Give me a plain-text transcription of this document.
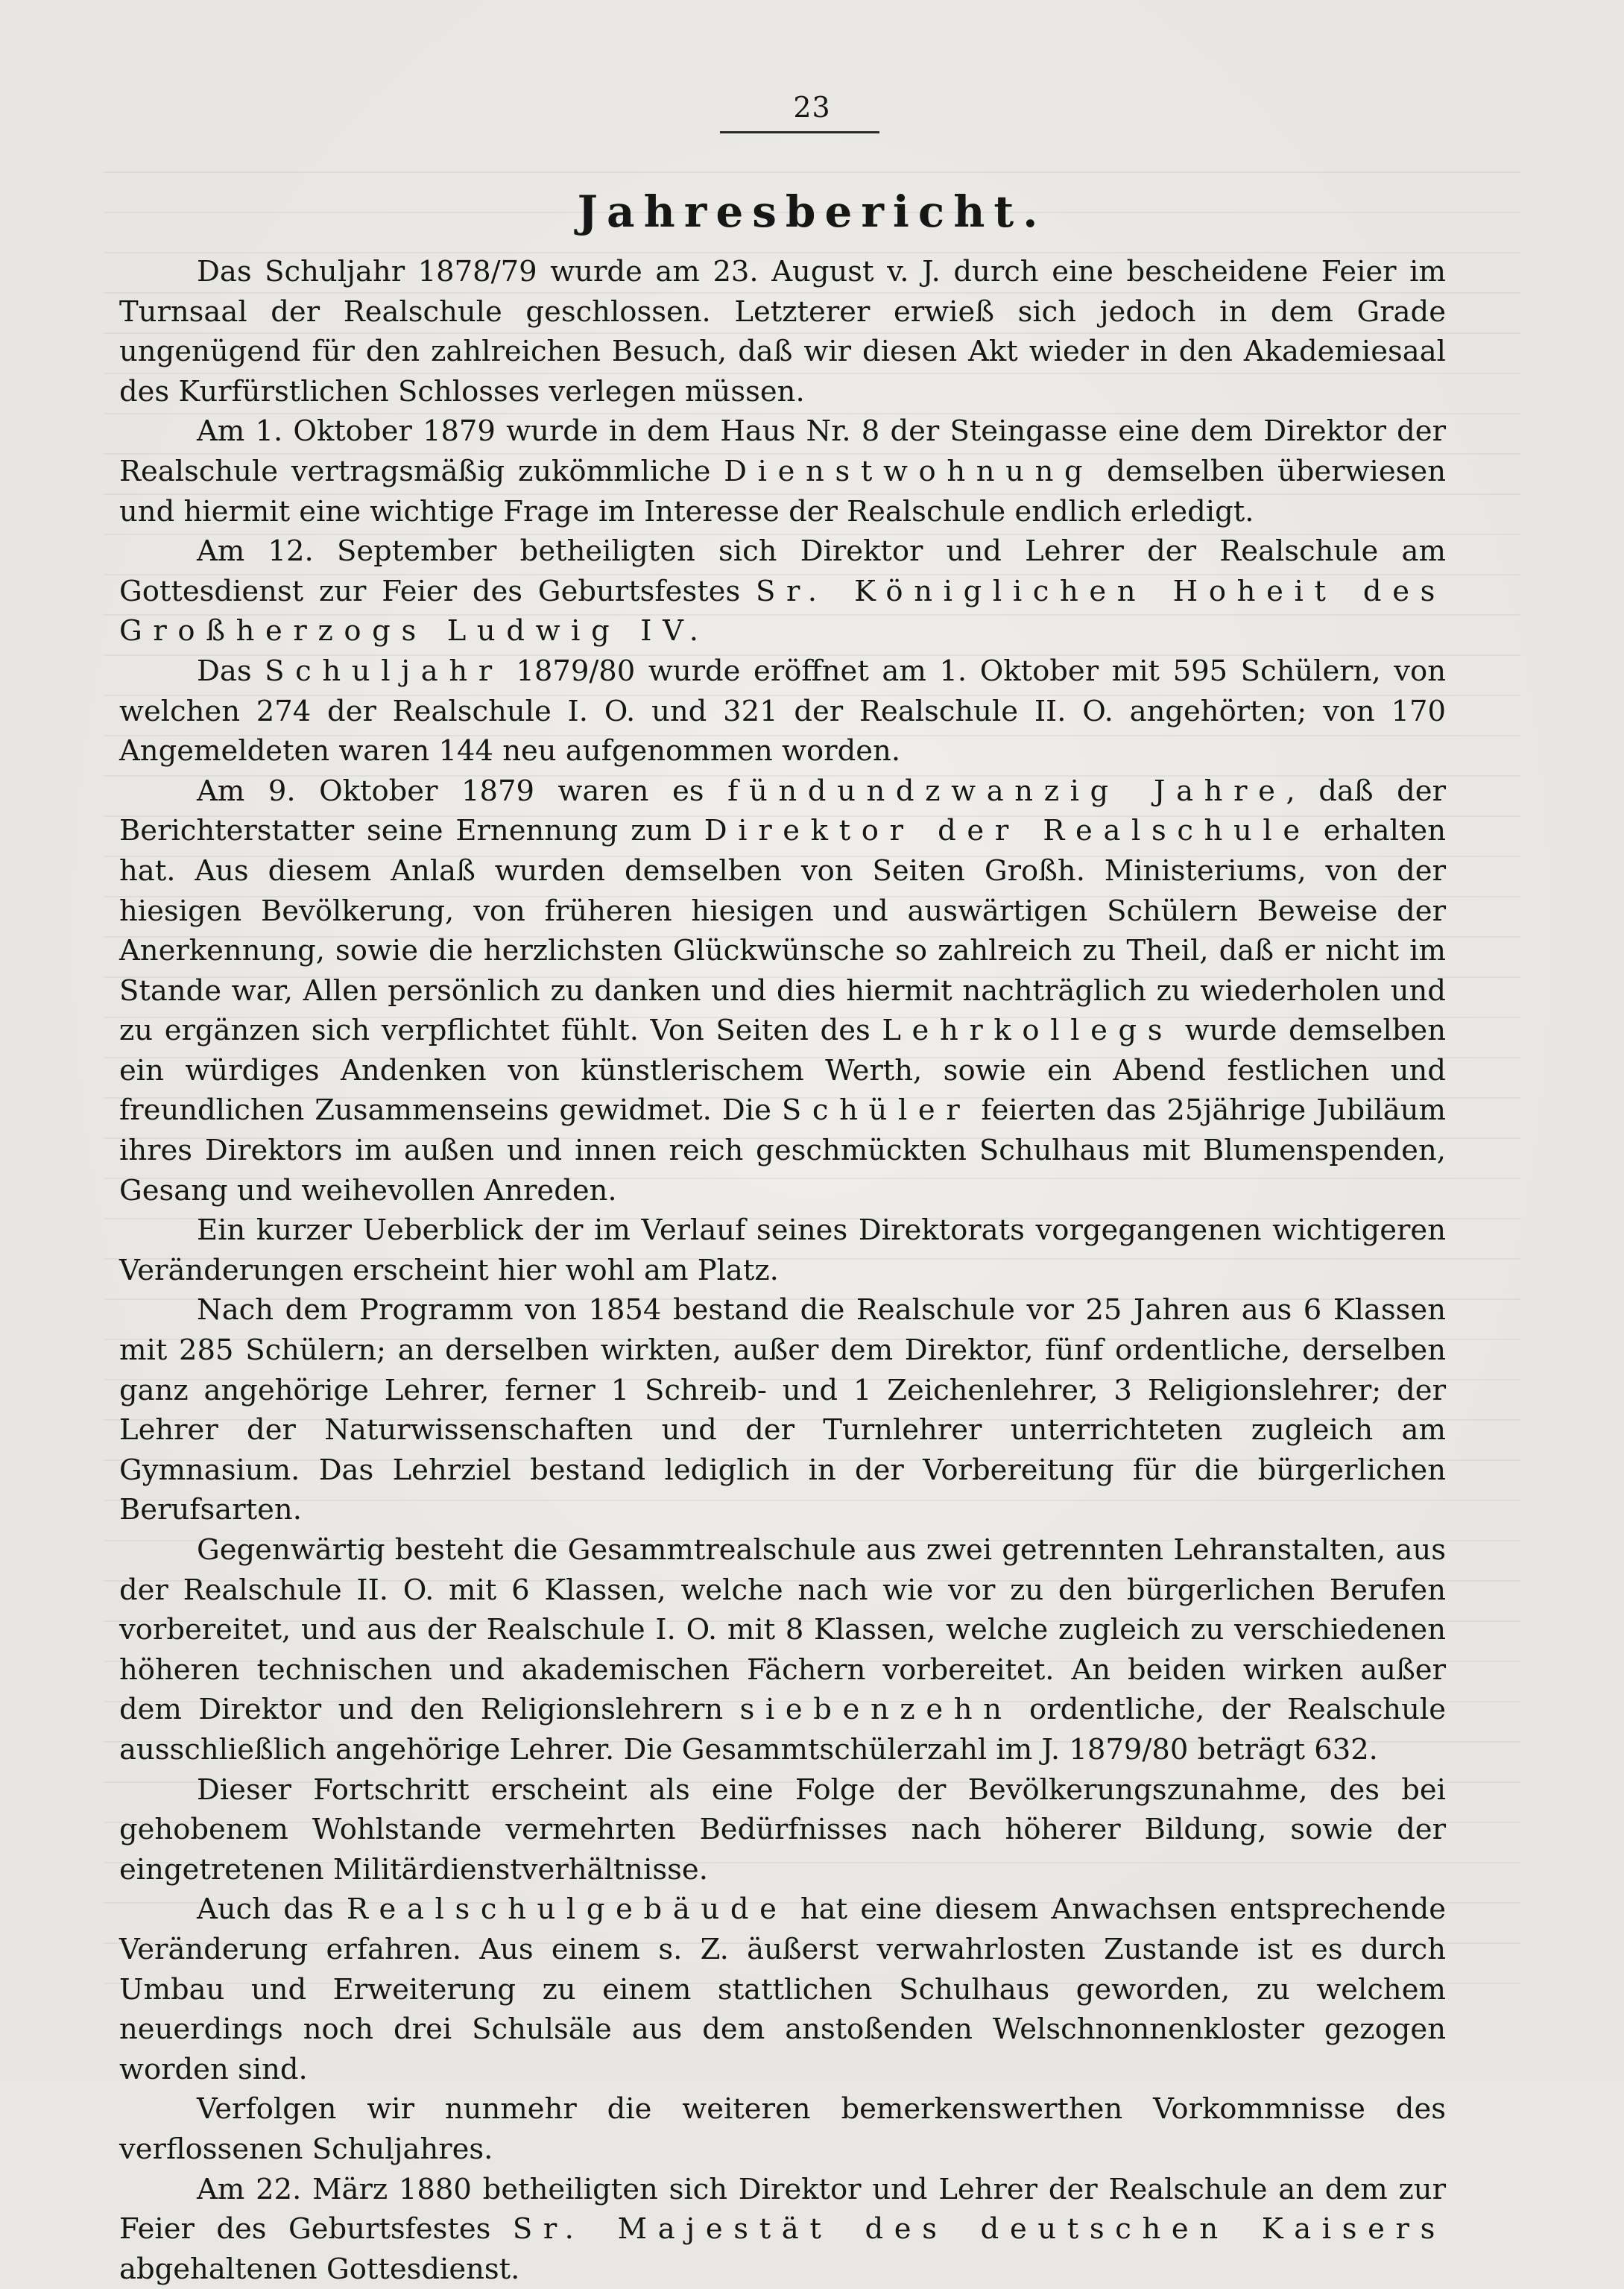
23
Jahresbericht.

Das Schuljahr 1878/79 wurde am 23. August v. J. durch eine bescheidene Feier im Turnsaal der Realschule geschlossen. Letzterer erwieß sich jedoch in dem Grade ungenügend für den zahlreichen Besuch, daß wir diesen Akt wieder in den Akademiesaal des Kurfürstlichen Schlosses verlegen müssen.

Am 1. Oktober 1879 wurde in dem Haus Nr. 8 der Steingasse eine dem Direktor der Realschule vertragsmäßig zukömmliche Dienstwohnung demselben überwiesen und hiermit eine wichtige Frage im Interesse der Realschule endlich erledigt.

Am 12. September betheiligten sich Direktor und Lehrer der Realschule am Gottesdienst zur Feier des Geburtsfestes Sr. Königlichen Hoheit des Großherzogs Ludwig IV.

Das Schuljahr 1879/80 wurde eröffnet am 1. Oktober mit 595 Schülern, von welchen 274 der Realschule I. O. und 321 der Realschule II. O. angehörten; von 170 Angemeldeten waren 144 neu aufgenommen worden.

Am 9. Oktober 1879 waren es fündundzwanzig Jahre, daß der Berichterstatter seine Ernennung zum Direktor der Realschule erhalten hat. Aus diesem Anlaß wurden demselben von Seiten Großh. Ministeriums, von der hiesigen Bevölkerung, von früheren hiesigen und auswärtigen Schülern Beweise der Anerkennung, sowie die herzlichsten Glückwünsche so zahlreich zu Theil, daß er nicht im Stande war, Allen persönlich zu danken und dies hiermit nachträglich zu wiederholen und zu ergänzen sich verpflichtet fühlt. Von Seiten des Lehrkollegs wurde demselben ein würdiges Andenken von künstlerischem Werth, sowie ein Abend festlichen und freundlichen Zusammenseins gewidmet. Die Schüler feierten das 25jährige Jubiläum ihres Direktors im außen und innen reich geschmückten Schulhaus mit Blumenspenden, Gesang und weihevollen Anreden.

Ein kurzer Ueberblick der im Verlauf seines Direktorats vorgegangenen wichtigeren Veränderungen erscheint hier wohl am Platz.

Nach dem Programm von 1854 bestand die Realschule vor 25 Jahren aus 6 Klassen mit 285 Schülern; an derselben wirkten, außer dem Direktor, fünf ordentliche, derselben ganz angehörige Lehrer, ferner 1 Schreib- und 1 Zeichenlehrer, 3 Religionslehrer; der Lehrer der Naturwissenschaften und der Turnlehrer unterrichteten zugleich am Gymnasium. Das Lehrziel bestand lediglich in der Vorbereitung für die bürgerlichen Berufsarten.

Gegenwärtig besteht die Gesammtrealschule aus zwei getrennten Lehranstalten, aus der Realschule II. O. mit 6 Klassen, welche nach wie vor zu den bürgerlichen Berufen vorbereitet, und aus der Realschule I. O. mit 8 Klassen, welche zugleich zu verschiedenen höheren technischen und akademischen Fächern vorbereitet. An beiden wirken außer dem Direktor und den Religionslehrern siebenzehn ordentliche, der Realschule ausschließlich angehörige Lehrer. Die Gesammtschülerzahl im J. 1879/80 beträgt 632.

Dieser Fortschritt erscheint als eine Folge der Bevölkerungszunahme, des bei gehobenem Wohlstande vermehrten Bedürfnisses nach höherer Bildung, sowie der eingetretenen Militärdienstverhältnisse.

Auch das Realschulgebäude hat eine diesem Anwachsen entsprechende Veränderung erfahren. Aus einem s. Z. äußerst verwahrlosten Zustande ist es durch Umbau und Erweiterung zu einem stattlichen Schulhaus geworden, zu welchem neuerdings noch drei Schulsäle aus dem anstoßenden Welschnonnenkloster gezogen worden sind.

Verfolgen wir nunmehr die weiteren bemerkenswerthen Vorkommnisse des verflossenen Schuljahres.

Am 22. März 1880 betheiligten sich Direktor und Lehrer der Realschule an dem zur Feier des Geburtsfestes Sr. Majestät des deutschen Kaisers abgehaltenen Gottesdienst.
